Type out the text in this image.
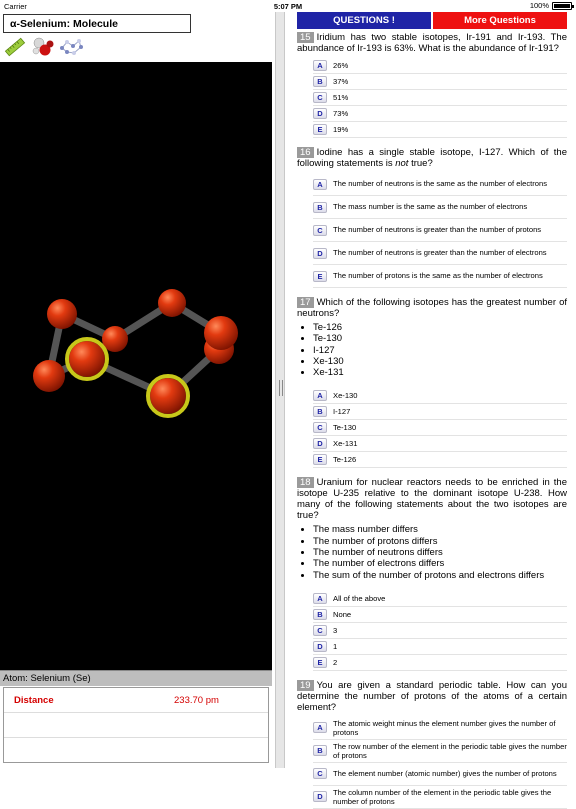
Carrier	5:07 PM	100%
α-Selenium: Molecule
Atom: Selenium (Se)
Distance	233.70 pm
QUESTIONS !	More Questions
15 Iridium has two stable isotopes, Ir-191 and Ir-193. The abundance of Ir-193 is 63%. What is the abundance of Ir-191?
A	26%
B	37%
C	51%
D	73%
E	19%
16 Iodine has a single stable isotope, I-127. Which of the following statements is not true?
A	The number of neutrons is the same as the number of electrons
B	The mass number is the same as the number of electrons
C	The number of neutrons is greater than the number of protons
D	The number of neutrons is greater than the number of electrons
E	The number of protons is the same as the number of electrons
17 Which of the following isotopes has the greatest number of neutrons?
• Te-126
• Te-130
• I-127
• Xe-130
• Xe-131
A	Xe-130
B	I-127
C	Te-130
D	Xe-131
E	Te-126
18 Uranium for nuclear reactors needs to be enriched in the isotope U-235 relative to the dominant isotope U-238. How many of the following statements about the two isotopes are true?
• The mass number differs
• The number of protons differs
• The number of neutrons differs
• The number of electrons differs
• The sum of the number of protons and electrons differs
A	All of the above
B	None
C	3
D	1
E	2
19 You are given a standard periodic table. How can you determine the number of protons of the atoms of a certain element?
A
The atomic weight minus the element number gives the number of protons
B
The row number of the element in the periodic table gives the number of protons
C	The element number (atomic number) gives the number of protons
D
The column number of the element in the periodic table gives the number of protons
